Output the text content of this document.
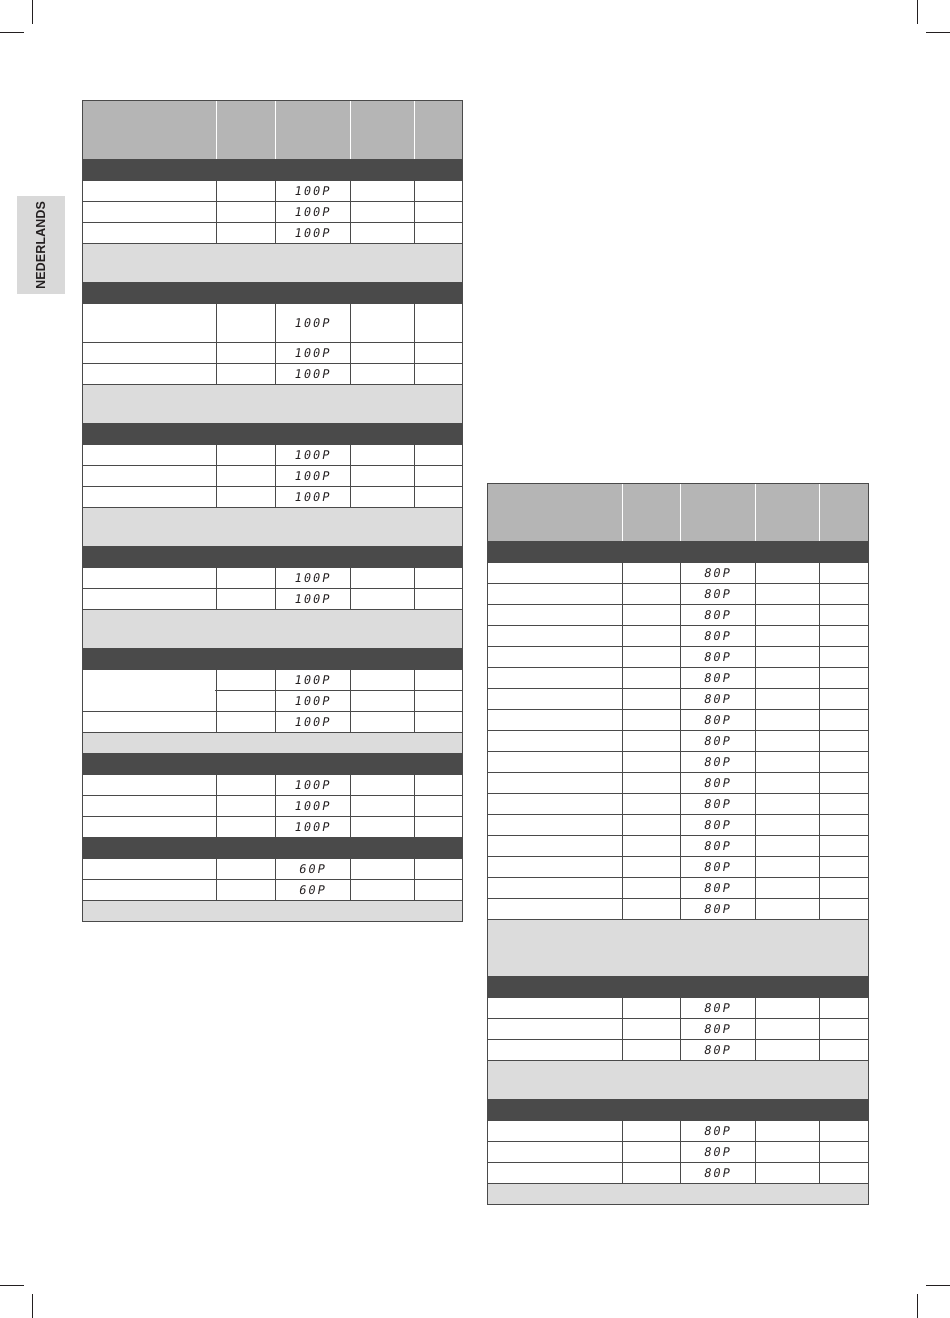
NEDERLANDS
100P
100P
100P
100P
100P
100P
100P
100P
100P
100P
100P
100P
100P
100P
100P
100P
100P
60P
60P
80P
80P
80P
80P
80P
80P
80P
80P
80P
80P
80P
80P
80P
80P
80P
80P
80P
80P
80P
80P
80P
80P
80P
